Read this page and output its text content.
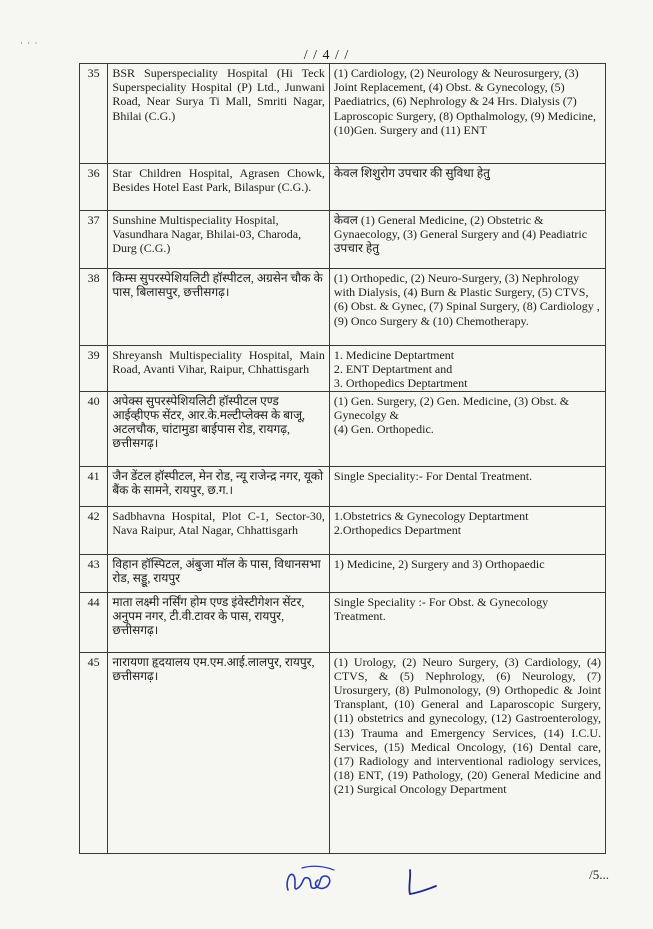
· · ·
/ / 4 / /
35	BSR Superspeciality Hospital (Hi Teck Superspeciality Hospital (P) Ltd., Junwani Road, Near Surya Ti Mall, Smriti Nagar, Bhilai (C.G.)	(1) Cardiology, (2) Neurology & Neurosurgery, (3) Joint Replacement, (4) Obst. & Gynecology, (5) Paediatrics, (6) Nephrology & 24 Hrs. Dialysis (7) Laproscopic Surgery, (8) Opthalmology, (9) Medicine, (10)Gen. Surgery and (11) ENT
36	Star Children Hospital, Agrasen Chowk, Besides Hotel East Park, Bilaspur (C.G.).	केवल शिशुरोग उपचार की सुविधा हेतु
37	Sunshine Multispeciality Hospital, Vasundhara Nagar, Bhilai-03, Charoda, Durg (C.G.)	केवल (1) General Medicine, (2) Obstetric & Gynaecology, (3) General Surgery and (4) Peadiatric उपचार हेतु
38	किम्स सुपरस्पेशियलिटी हॉस्पीटल, अग्रसेन चौक के पास, बिलासपुर, छत्तीसगढ़।	(1) Orthopedic, (2) Neuro-Surgery, (3) Nephrology with Dialysis, (4) Burn & Plastic Surgery, (5) CTVS, (6) Obst. & Gynec, (7) Spinal Surgery, (8) Cardiology , (9) Onco Surgery & (10) Chemotherapy.
39	Shreyansh Multispeciality Hospital, Main Road, Avanti Vihar, Raipur, Chhattisgarh	1. Medicine Deptartment
2. ENT Deptartment and
3. Orthopedics Deptartment
40	अपेक्स सुपरस्पेशियलिटी हॉस्पीटल एण्ड आईव्हीएफ सेंटर, आर.के.मल्टीप्लेक्स के बाजू, अटलचौक, चांटामुडा बाईपास रोड, रायगढ़, छत्तीसगढ़।	(1) Gen. Surgery, (2) Gen. Medicine, (3) Obst. & Gynecolgy &
(4) Gen. Orthopedic.
41	जैन डेंटल हॉस्पीटल, मेन रोड, न्यू राजेन्द्र नगर, यूको बैंक के सामने, रायपुर, छ.ग.।	Single Speciality:- For Dental Treatment.
42	Sadbhavna Hospital, Plot C-1, Sector-30, Nava Raipur, Atal Nagar, Chhattisgarh	1.Obstetrics & Gynecology Deptartment
2.Orthopedics Department
43	विहान हॉस्पिटल, अंबुजा मॉल के पास, विधानसभा रोड, सड्डू, रायपुर	1) Medicine, 2) Surgery and 3) Orthopaedic
44	माता लक्ष्मी नर्सिंग होम एण्ड इंवेस्टीगेशन सेंटर, अनुपम नगर, टी.वी.टावर के पास, रायपुर, छत्तीसगढ़।	Single Speciality :- For Obst. & Gynecology Treatment.
45	नारायणा हृदयालय एम.एम.आई.लालपुर, रायपुर, छत्तीसगढ़।	(1) Urology, (2) Neuro Surgery, (3) Cardiology, (4) CTVS, & (5) Nephrology, (6) Neurology, (7) Urosurgery, (8) Pulmonology, (9) Orthopedic & Joint Transplant, (10) General and Laparoscopic Surgery, (11) obstetrics and gynecology, (12) Gastroenterology, (13) Trauma and Emergency Services, (14) I.C.U. Services, (15) Medical Oncology, (16) Dental care, (17) Radiology and interventional radiology services, (18) ENT, (19) Pathology, (20) General Medicine and (21) Surgical Oncology Department
/5...
